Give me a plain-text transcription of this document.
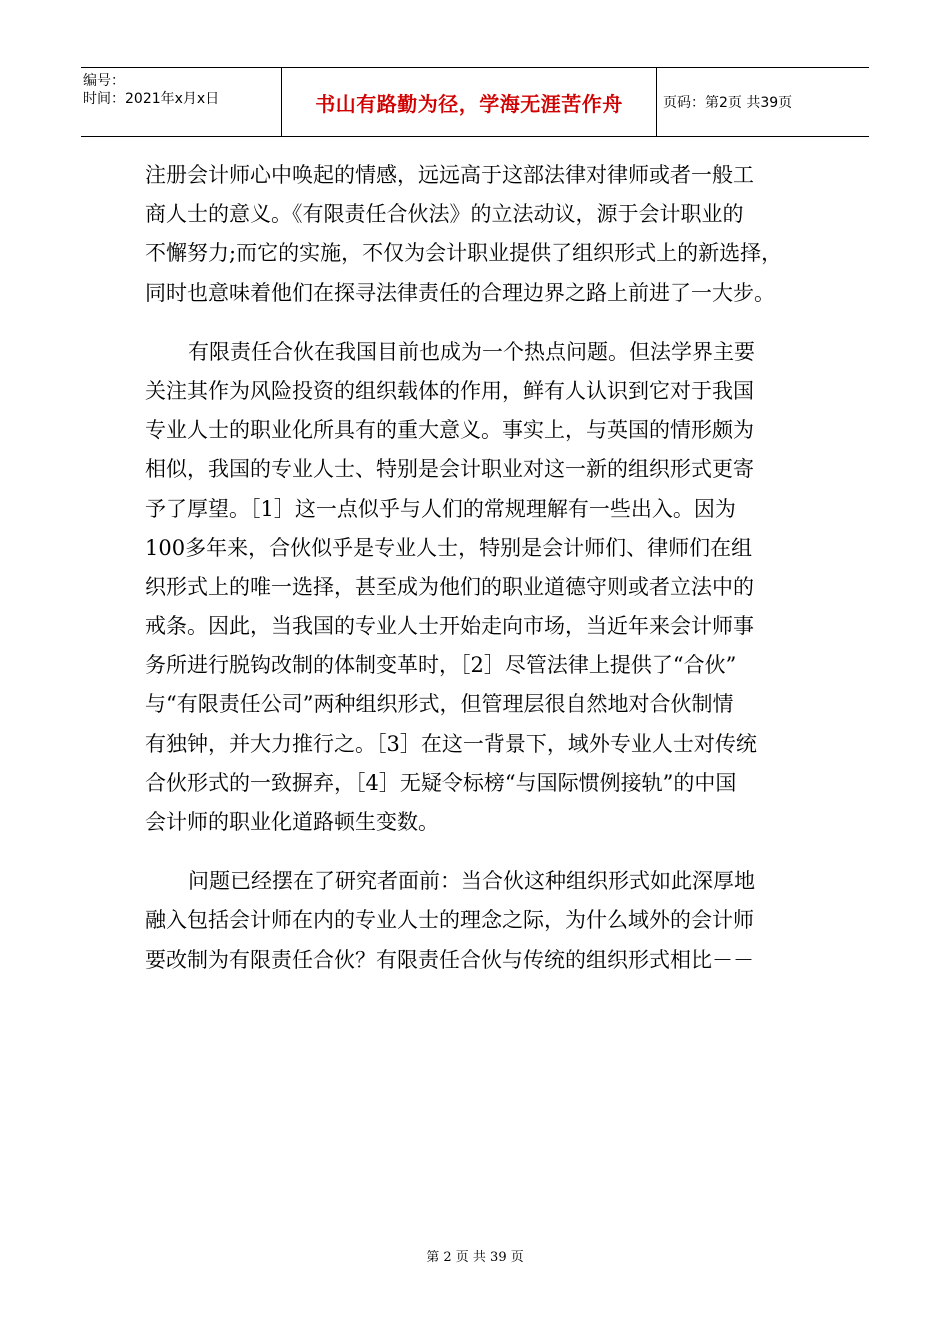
编号：
时间：2021年x月x日	书山有路勤为径，学海无涯苦作舟	页码：第2页 共39页
注册会计师心中唤起的情感，远远高于这部法律对律师或者一般工
商人士的意义。《有限责任合伙法》的立法动议，源于会计职业的
不懈努力;而它的实施，不仅为会计职业提供了组织形式上的新选择，
同时也意味着他们在探寻法律责任的合理边界之路上前进了一大步。
有限责任合伙在我国目前也成为一个热点问题。但法学界主要
关注其作为风险投资的组织载体的作用，鲜有人认识到它对于我国
专业人士的职业化所具有的重大意义。事实上，与英国的情形颇为
相似，我国的专业人士、特别是会计职业对这一新的组织形式更寄
予了厚望。［1］这一点似乎与人们的常规理解有一些出入。因为
100多年来，合伙似乎是专业人士，特别是会计师们、律师们在组
织形式上的唯一选择，甚至成为他们的职业道德守则或者立法中的
戒条。因此，当我国的专业人士开始走向市场，当近年来会计师事
务所进行脱钩改制的体制变革时，［2］尽管法律上提供了“合伙”
与“有限责任公司”两种组织形式，但管理层很自然地对合伙制情
有独钟，并大力推行之。［3］在这一背景下，域外专业人士对传统
合伙形式的一致摒弃，［4］无疑令标榜“与国际惯例接轨”的中国
会计师的职业化道路顿生变数。
问题已经摆在了研究者面前：当合伙这种组织形式如此深厚地
融入包括会计师在内的专业人士的理念之际，为什么域外的会计师
要改制为有限责任合伙？有限责任合伙与传统的组织形式相比－－
第 2 页 共 39 页
